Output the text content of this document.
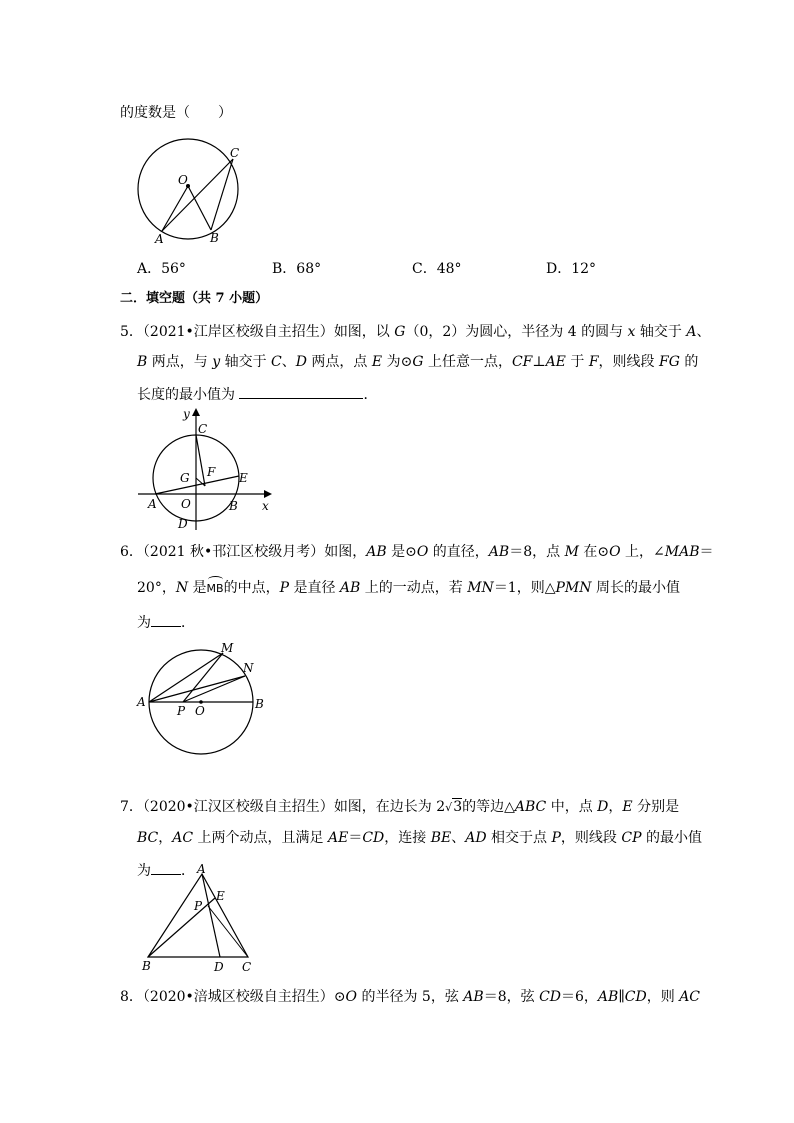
的度数是（　　）
O
A	B
C
A．56°	B．68°	C．48°	D．12°
二．填空题（共 7 小题）
5．（2021•江岸区校级自主招生）如图，以 G（0，2）为圆心，半径为 4 的圆与 x 轴交于 A、
B 两点，与 y 轴交于 C、D 两点，点 E 为⊙G 上任意一点，CF⊥AE 于 F，则线段 FG 的
长度的最小值为	．
y
C
G F E
A O	B x
D
6．（2021 秋•邗江区校级月考）如图，AB 是⊙O 的直径，AB＝8，点 M 在⊙O 上，∠MAB＝
20°，N 是MB的中点，P 是直径 AB 上的一动点，若 MN＝1，则△PMN 周长的最小值
为 ．
M
N
A
P O	B
7．（2020•江汉区校级自主招生）如图，在边长为 2√3的等边△ABC 中，点 D，E 分别是
BC，AC 上两个动点，且满足 AE＝CD，连接 BE、AD 相交于点 P，则线段 CP 的最小值
为 ． A
E
P
B	D C
8．（2020•涪城区校级自主招生）⊙O 的半径为 5，弦 AB＝8，弦 CD＝6，AB∥CD，则 AC
